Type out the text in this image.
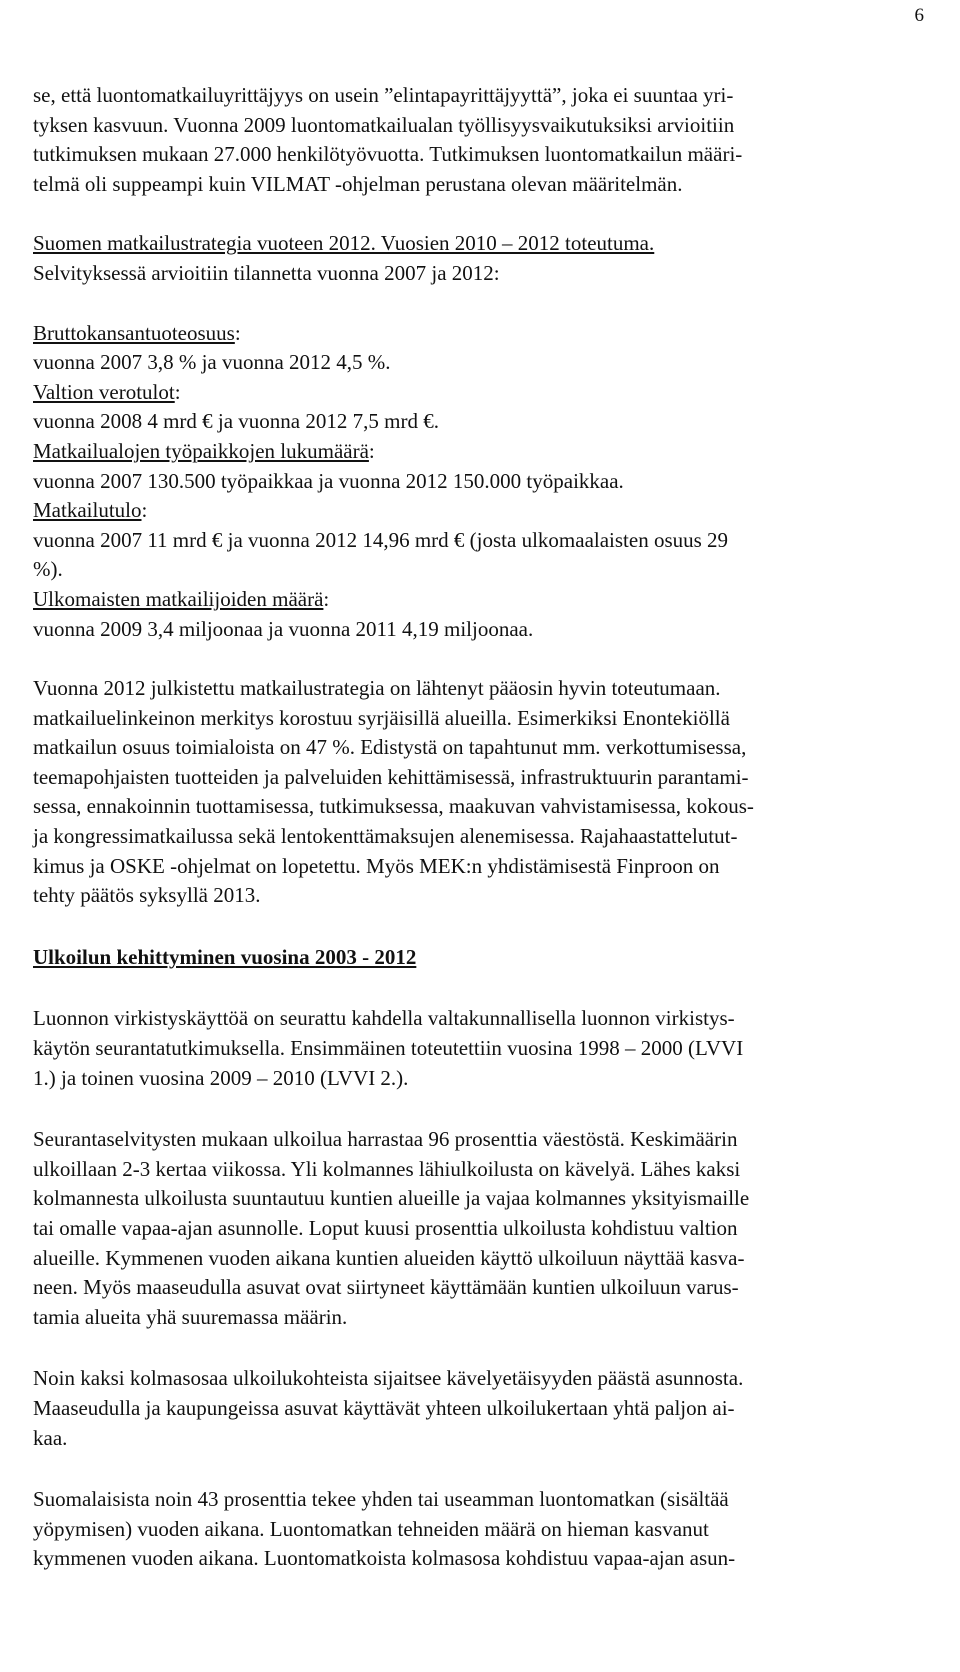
6

se, että luontomatkailuyrittäjyys on usein ”elintapayrittäjyyttä”, joka ei suuntaa yri-
tyksen kasvuun. Vuonna 2009 luontomatkailualan työllisyysvaikutuksiksi arvioitiin
tutkimuksen mukaan 27.000 henkilötyövuotta. Tutkimuksen luontomatkailun määri-
telmä oli suppeampi kuin VILMAT -ohjelman perustana olevan määritelmän.

Suomen matkailustrategia vuoteen 2012. Vuosien 2010 – 2012 toteutuma.
Selvityksessä arvioitiin tilannetta vuonna 2007 ja 2012:

Bruttokansantuoteosuus:
vuonna 2007 3,8 % ja vuonna 2012 4,5 %.
Valtion verotulot:
vuonna 2008 4 mrd € ja vuonna 2012 7,5 mrd €.
Matkailualojen työpaikkojen lukumäärä:
vuonna 2007 130.500 työpaikkaa ja vuonna 2012 150.000 työpaikkaa.
Matkailutulo:
vuonna 2007 11 mrd € ja vuonna 2012 14,96 mrd € (josta ulkomaalaisten osuus 29
%).
Ulkomaisten matkailijoiden määrä:
vuonna 2009 3,4 miljoonaa ja vuonna 2011 4,19 miljoonaa.

Vuonna 2012 julkistettu matkailustrategia on lähtenyt pääosin hyvin toteutumaan.
matkailuelinkeinon merkitys korostuu syrjäisillä alueilla. Esimerkiksi Enontekiöllä
matkailun osuus toimialoista on 47 %. Edistystä on tapahtunut mm. verkottumisessa,
teemapohjaisten tuotteiden ja palveluiden kehittämisessä, infrastruktuurin parantami-
sessa, ennakoinnin tuottamisessa, tutkimuksessa, maakuvan vahvistamisessa, kokous-
ja kongressimatkailussa sekä lentokenttämaksujen alenemisessa. Rajahaastattelutut-
kimus ja OSKE -ohjelmat on lopetettu. Myös MEK:n yhdistämisestä Finproon on
tehty päätös syksyllä 2013.

Ulkoilun kehittyminen vuosina 2003 - 2012

Luonnon virkistyskäyttöä on seurattu kahdella valtakunnallisella luonnon virkistys-
käytön seurantatutkimuksella. Ensimmäinen toteutettiin vuosina 1998 – 2000 (LVVI
1.) ja toinen vuosina 2009 – 2010 (LVVI 2.).

Seurantaselvitysten mukaan ulkoilua harrastaa 96 prosenttia väestöstä. Keskimäärin
ulkoillaan 2-3 kertaa viikossa. Yli kolmannes lähiulkoilusta on kävelyä. Lähes kaksi
kolmannesta ulkoilusta suuntautuu kuntien alueille ja vajaa kolmannes yksityismaille
tai omalle vapaa-ajan asunnolle. Loput kuusi prosenttia ulkoilusta kohdistuu valtion
alueille. Kymmenen vuoden aikana kuntien alueiden käyttö ulkoiluun näyttää kasva-
neen. Myös maaseudulla asuvat ovat siirtyneet käyttämään kuntien ulkoiluun varus-
tamia alueita yhä suuremassa määrin.

Noin kaksi kolmasosaa ulkoilukohteista sijaitsee kävelyetäisyyden päästä asunnosta.
Maaseudulla ja kaupungeissa asuvat käyttävät yhteen ulkoilukertaan yhtä paljon ai-
kaa.

Suomalaisista noin 43 prosenttia tekee yhden tai useamman luontomatkan (sisältää
yöpymisen) vuoden aikana. Luontomatkan tehneiden määrä on hieman kasvanut
kymmenen vuoden aikana. Luontomatkoista kolmasosa kohdistuu vapaa-ajan asun-
